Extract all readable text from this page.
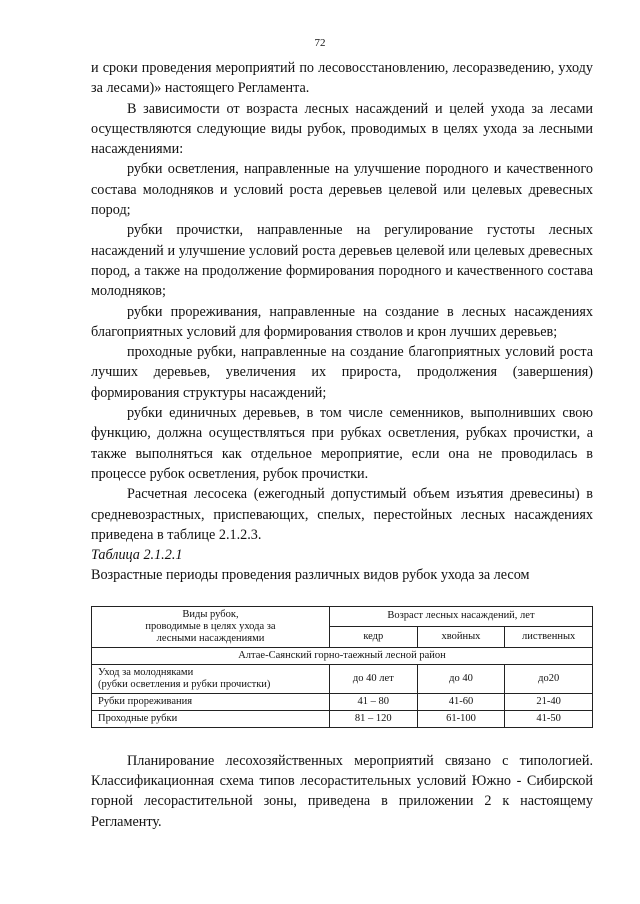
72

и сроки проведения мероприятий по лесовосстановлению, лесоразведению, уходу за лесами)» настоящего Регламента.

В зависимости от возраста лесных насаждений и целей ухода за лесами осуществляются следующие виды рубок, проводимых в целях ухода за лесными насаждениями:

рубки осветления, направленные на улучшение породного и качественного состава молодняков и условий роста деревьев целевой или целевых древесных пород;

рубки прочистки, направленные на регулирование густоты лесных насаждений и улучшение условий роста деревьев целевой или целевых древесных пород, а также на продолжение формирования породного и качественного состава молодняков;

рубки прореживания, направленные на создание в лесных насаждениях благоприятных условий для формирования стволов и крон лучших деревьев;

проходные рубки, направленные на создание благоприятных условий роста лучших деревьев, увеличения их прироста, продолжения (завершения) формирования структуры насаждений;

рубки единичных деревьев, в том числе семенников, выполнивших свою функцию, должна осуществляться при рубках осветления, рубках прочистки, а также выполняться как отдельное мероприятие, если она не проводилась в процессе рубок осветления, рубок прочистки.

Расчетная лесосека (ежегодный допустимый объем изъятия древесины) в средневозрастных, приспевающих, спелых, перестойных лесных насаждениях приведена в таблице 2.1.2.3.

Таблица 2.1.2.1

Возрастные периоды проведения различных видов рубок ухода за лесом

Виды рубок,
проводимые в целях ухода за
лесными насаждениями	Возраст лесных насаждений, лет		
	кедр	хвойных	лиственных
Алтае-Саянский горно-таежный лесной район			
Уход за молодняками
(рубки осветления и рубки прочистки)	до 40 лет	до 40	до20
Рубки прореживания	41 – 80	41-60	21-40
Проходные рубки	81 – 120	61-100	41-50

Планирование лесохозяйственных мероприятий связано с типологией. Классификационная схема типов лесорастительных условий Южно - Сибирской горной лесорастительной зоны, приведена в приложении 2 к настоящему Регламенту.
